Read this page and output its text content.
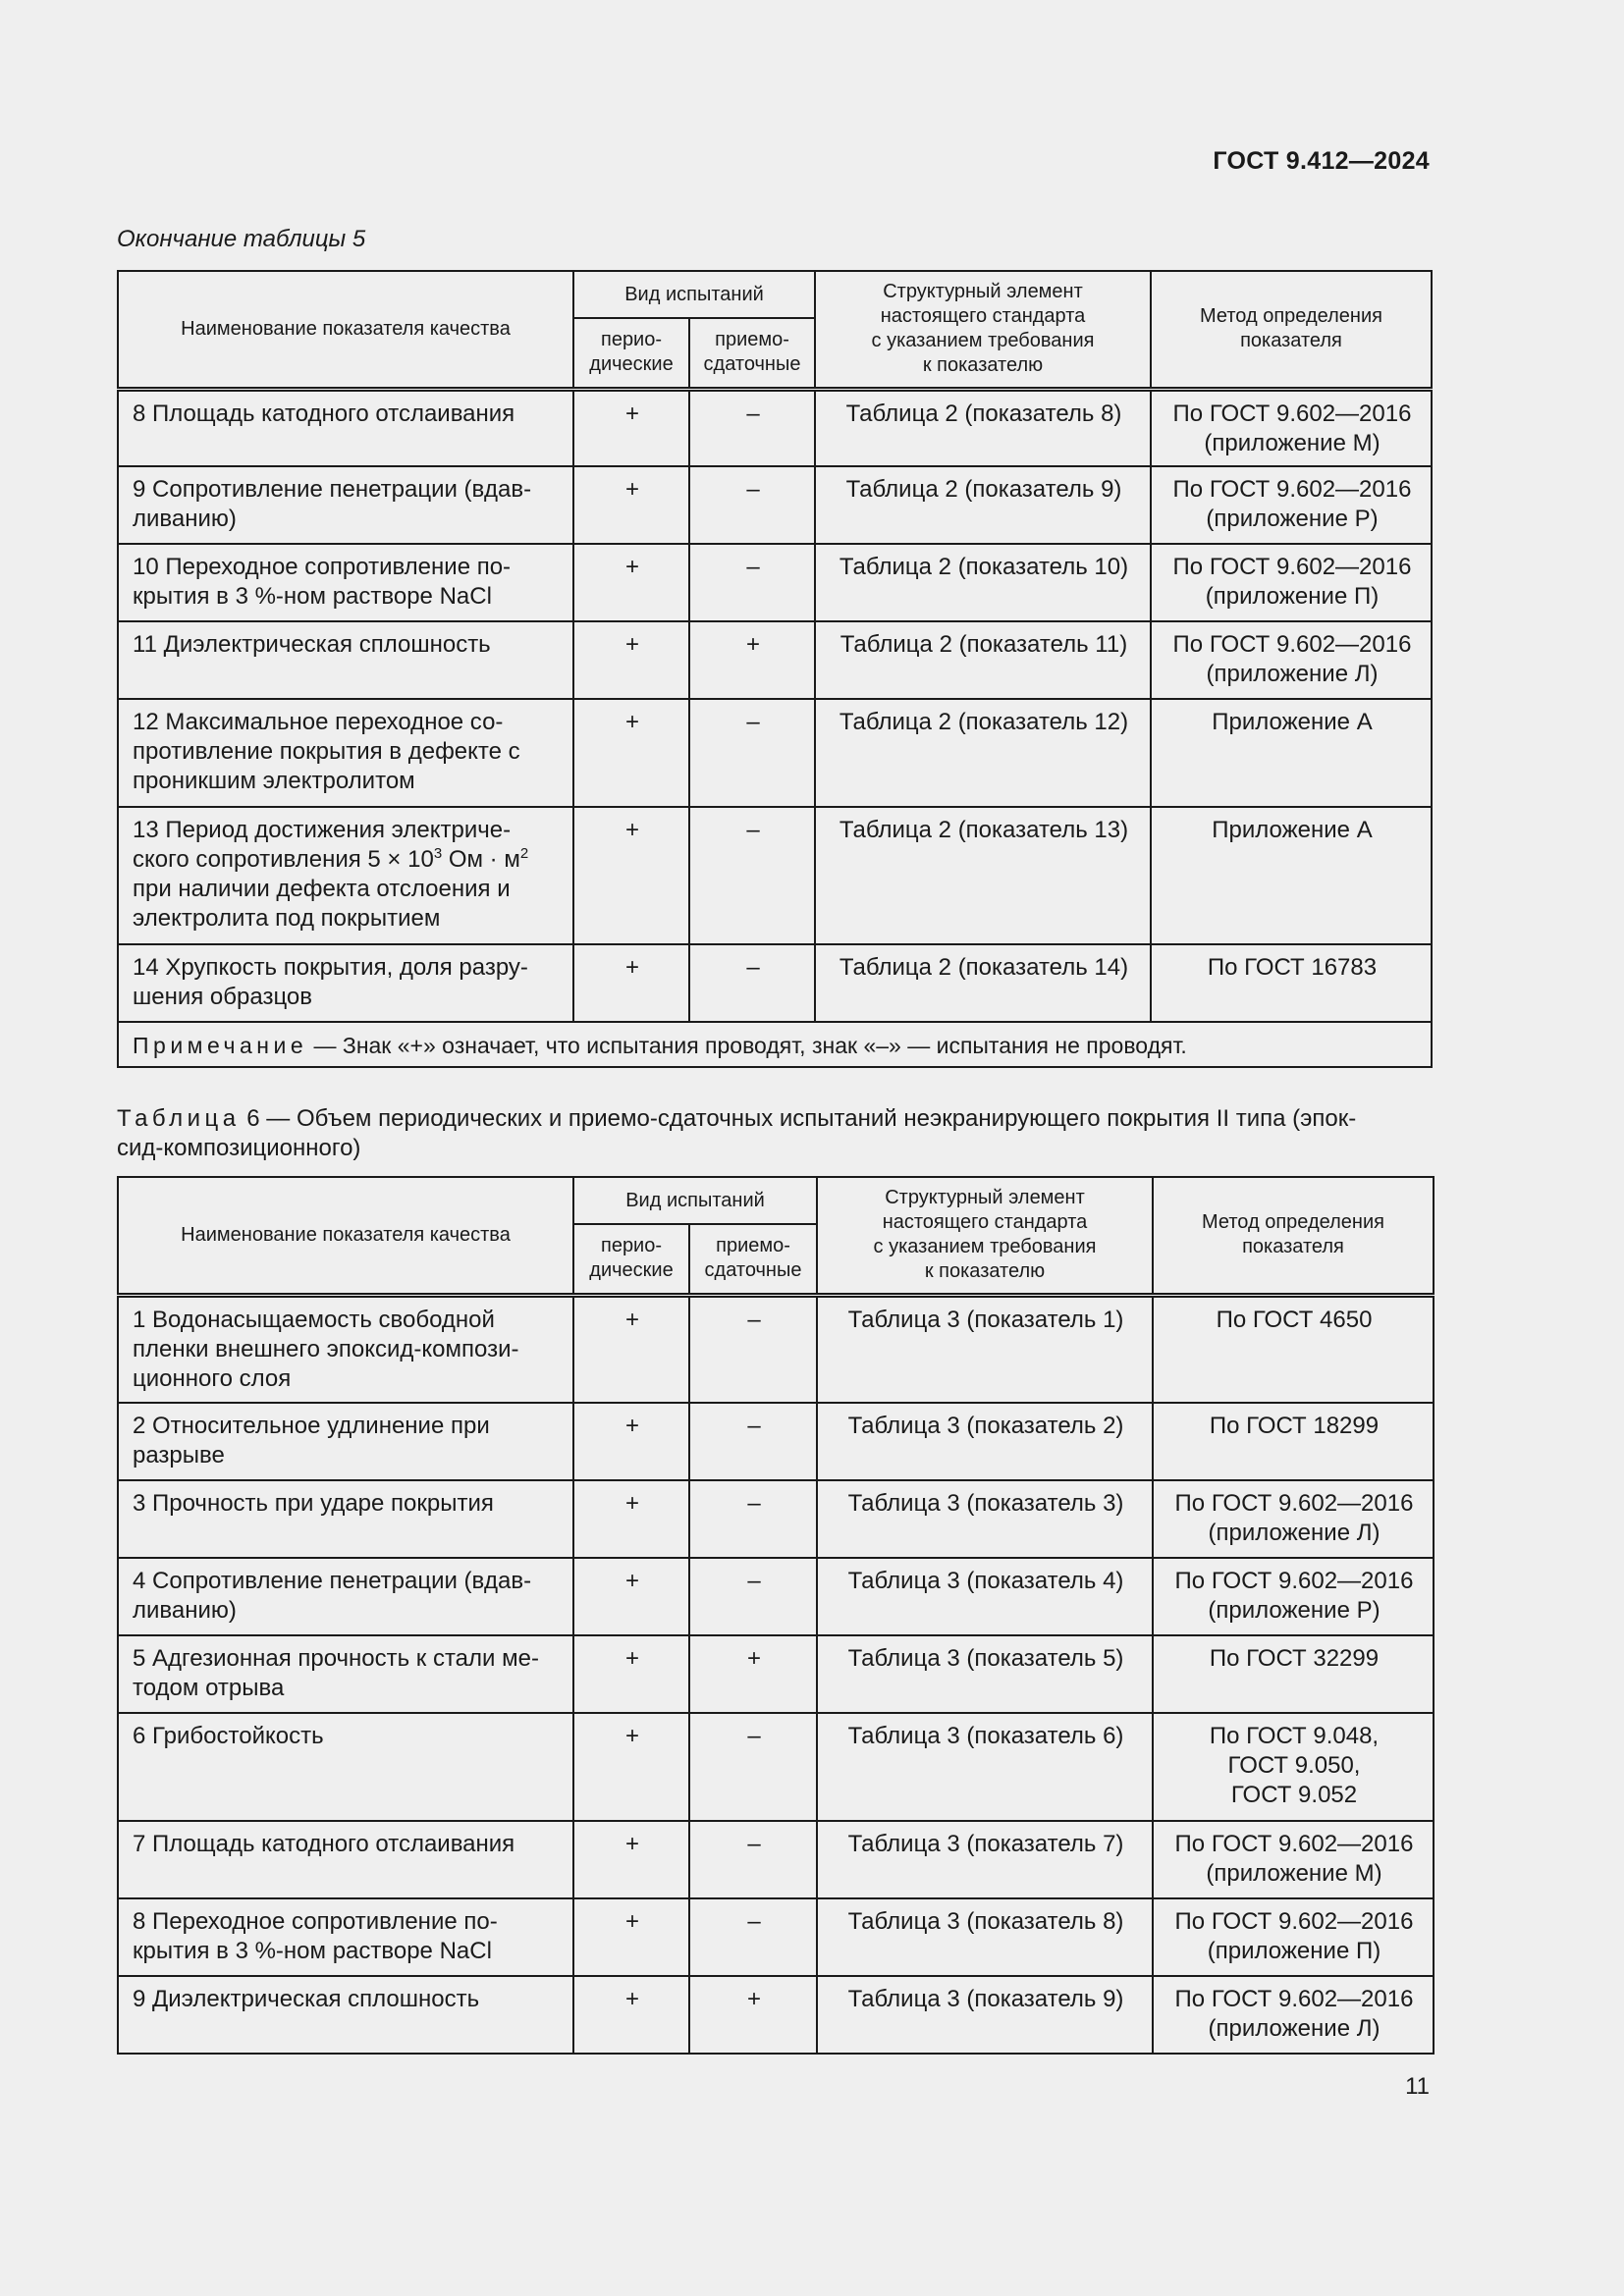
ГОСТ 9.412—2024
Окончание таблицы 5
Наименование показателя качества	Вид испытаний		Структурный элемент
настоящего стандарта
с указанием требования
к показателю	Метод определения
показателя
	перио-
дические	приемо-
сдаточные		
8 Площадь катодного отслаивания	+	–	Таблица 2 (показатель 8)	По ГОСТ 9.602—2016
(приложение М)
9 Сопротивление пенетрации (вдав-
ливанию)	+	–	Таблица 2 (показатель 9)	По ГОСТ 9.602—2016
(приложение Р)
10 Переходное сопротивление по-
крытия в 3 %-ном растворе NaCl	+	–	Таблица 2 (показатель 10)	По ГОСТ 9.602—2016
(приложение П)
11 Диэлектрическая сплошность	+	+	Таблица 2 (показатель 11)	По ГОСТ 9.602—2016
(приложение Л)
12 Максимальное переходное со-
противление покрытия в дефекте с
проникшим электролитом	+	–	Таблица 2 (показатель 12)	Приложение А
13 Период достижения электриче-
ского сопротивления $5 \times 10^3$ Ом · $м^2$
при наличии дефекта отслоения и
электролита под покрытием	+	–	Таблица 2 (показатель 13)	Приложение А
14 Хрупкость покрытия, доля разру-
шения образцов	+	–	Таблица 2 (показатель 14)	По ГОСТ 16783
Примечание — Знак «+» означает, что испытания проводят, знак «–» — испытания не проводят.				
Таблица 6 — Объем периодических и приемо-сдаточных испытаний неэкранирующего покрытия II типа (эпок-
сид-композиционного)
Наименование показателя качества	Вид испытаний		Структурный элемент
настоящего стандарта
с указанием требования
к показателю	Метод определения
показателя
	перио-
дические	приемо-
сдаточные		
1 Водонасыщаемость свободной
пленки внешнего эпоксид-компози-
ционного слоя	+	–	Таблица 3 (показатель 1)	По ГОСТ 4650
2 Относительное удлинение при
разрыве	+	–	Таблица 3 (показатель 2)	По ГОСТ 18299
3 Прочность при ударе покрытия	+	–	Таблица 3 (показатель 3)	По ГОСТ 9.602—2016
(приложение Л)
4 Сопротивление пенетрации (вдав-
ливанию)	+	–	Таблица 3 (показатель 4)	По ГОСТ 9.602—2016
(приложение Р)
5 Адгезионная прочность к стали ме-
тодом отрыва	+	+	Таблица 3 (показатель 5)	По ГОСТ 32299
6 Грибостойкость	+	–	Таблица 3 (показатель 6)	По ГОСТ 9.048,
ГОСТ 9.050,
ГОСТ 9.052
7 Площадь катодного отслаивания	+	–	Таблица 3 (показатель 7)	По ГОСТ 9.602—2016
(приложение М)
8 Переходное сопротивление по-
крытия в 3 %-ном растворе NaCl	+	–	Таблица 3 (показатель 8)	По ГОСТ 9.602—2016
(приложение П)
9 Диэлектрическая сплошность	+	+	Таблица 3 (показатель 9)	По ГОСТ 9.602—2016
(приложение Л)
11
